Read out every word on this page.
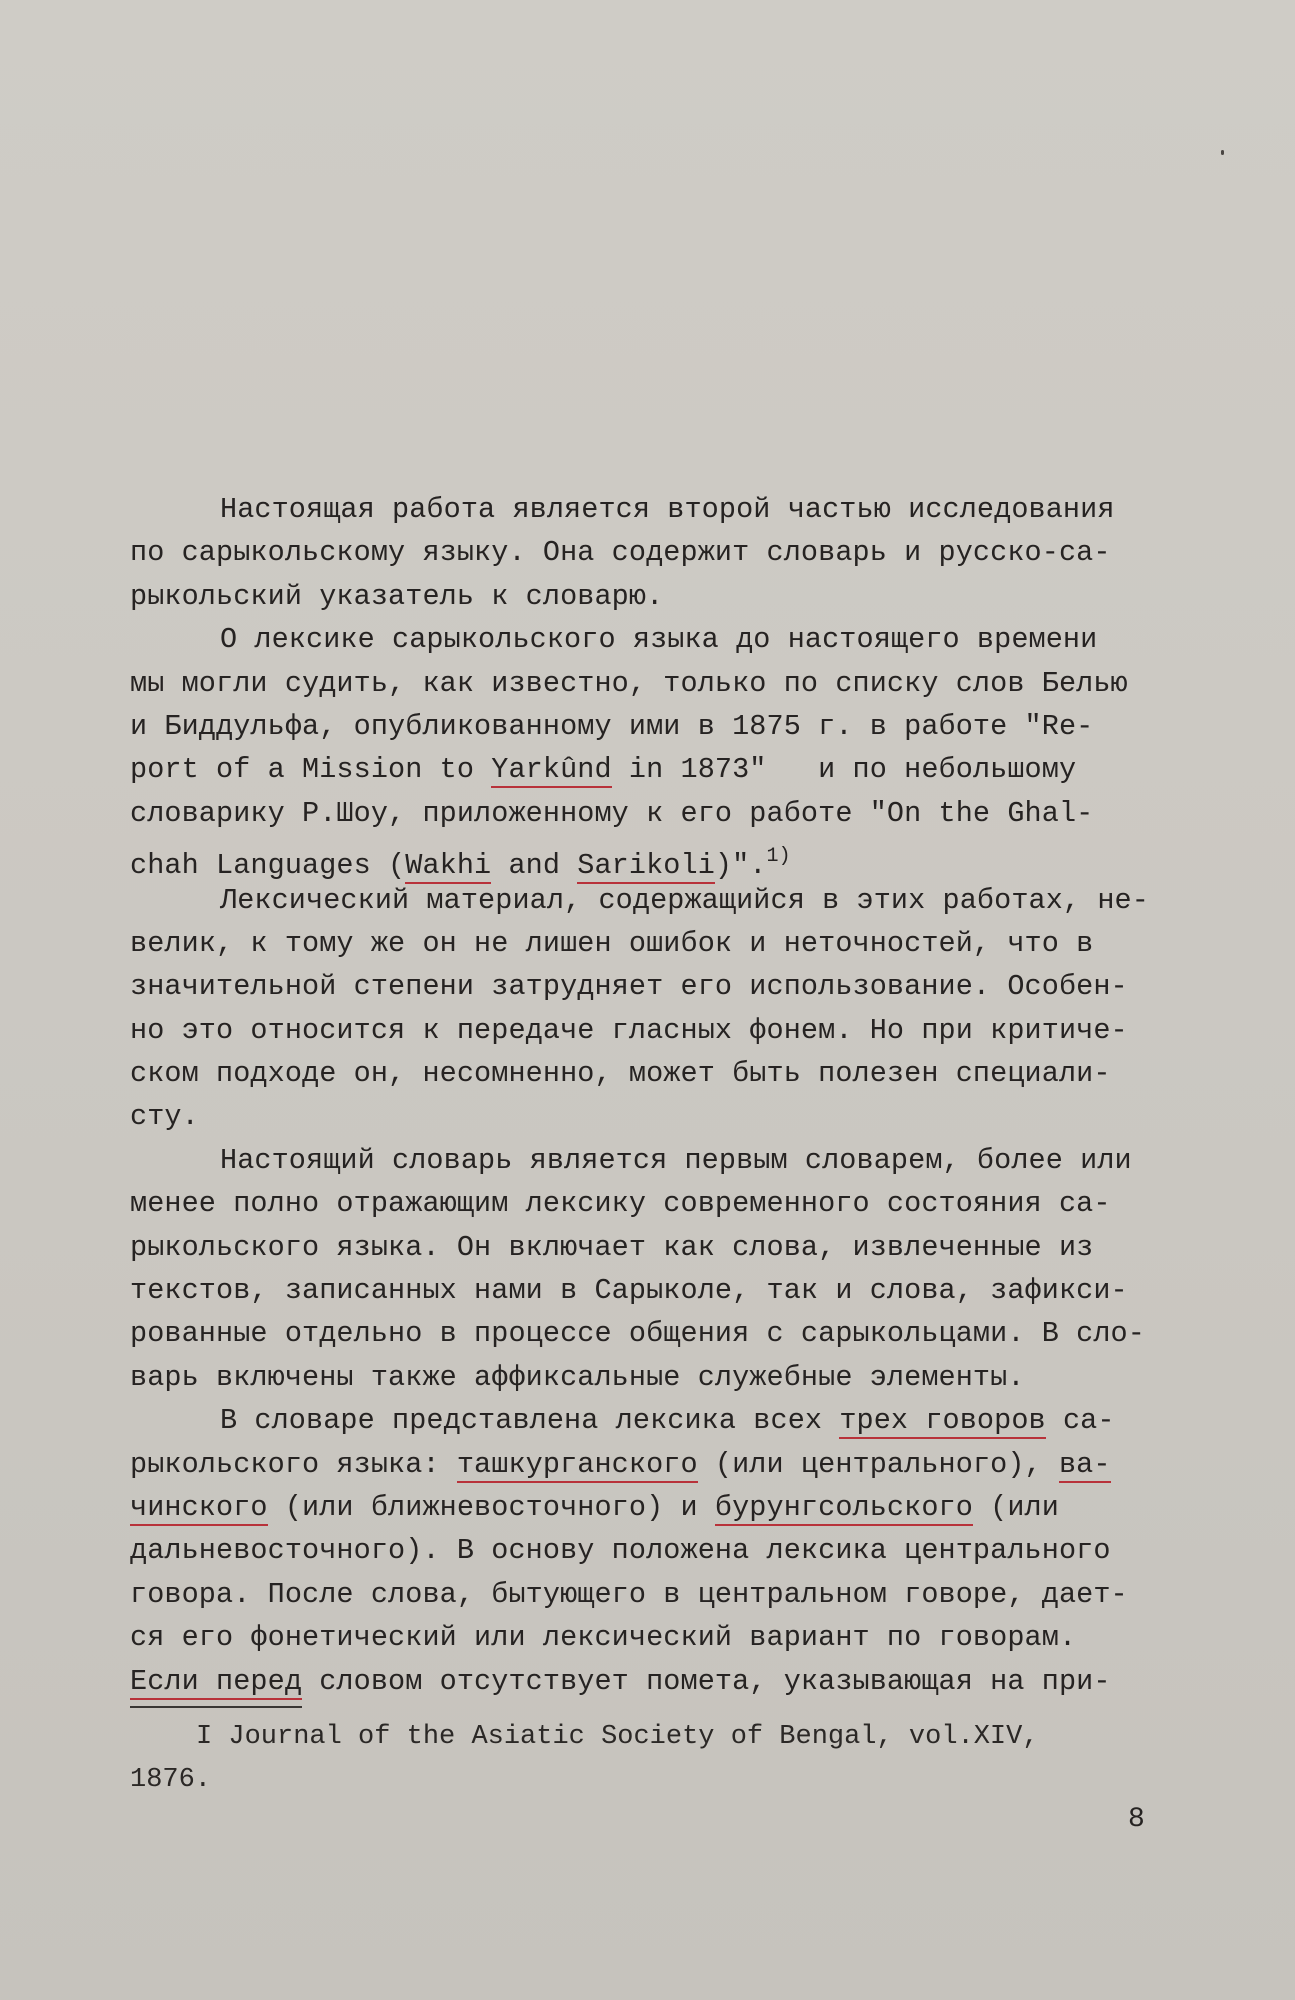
Настоящая работа является второй частью исследования
по сарыкольскому языку. Она содержит словарь и русско-са-
рыкольский указатель к словарю.
О лексике сарыкольского языка до настоящего времени
мы могли судить, как известно, только по списку слов Белью
и Биддульфа, опубликованному ими в 1875 г. в работе "Re-
port of a Mission to Yarkûnd in 1873"   и по небольшому
словарику Р.Шоу, приложенному к его работе "On the Ghal-
chah Languages (Wakhi and Sarikoli)".$^{1)}$
Лексический материал, содержащийся в этих работах, не-
велик, к тому же он не лишен ошибок и неточностей, что в
значительной степени затрудняет его использование. Особен-
но это относится к передаче гласных фонем. Но при критиче-
ском подходе он, несомненно, может быть полезен специали-
сту.
Настоящий словарь является первым словарем, более или
менее полно отражающим лексику современного состояния са-
рыкольского языка. Он включает как слова, извлеченные из
текстов, записанных нами в Сарыколе, так и слова, зафикси-
рованные отдельно в процессе общения с сарыкольцами. В сло-
варь включены также аффиксальные служебные элементы.
В словаре представлена лексика всех трех говоров са-
рыкольского языка: ташкурганского (или центрального), ва-
чинского (или ближневосточного) и бурунгсольского (или
дальневосточного). В основу положена лексика центрального
говора. После слова, бытующего в центральном говоре, дает-
ся его фонетический или лексический вариант по говорам.
Если перед словом отсутствует помета, указывающая на при-
I Journal of the Asiatic Society of Bengal, vol.XIV,
1876.
8
